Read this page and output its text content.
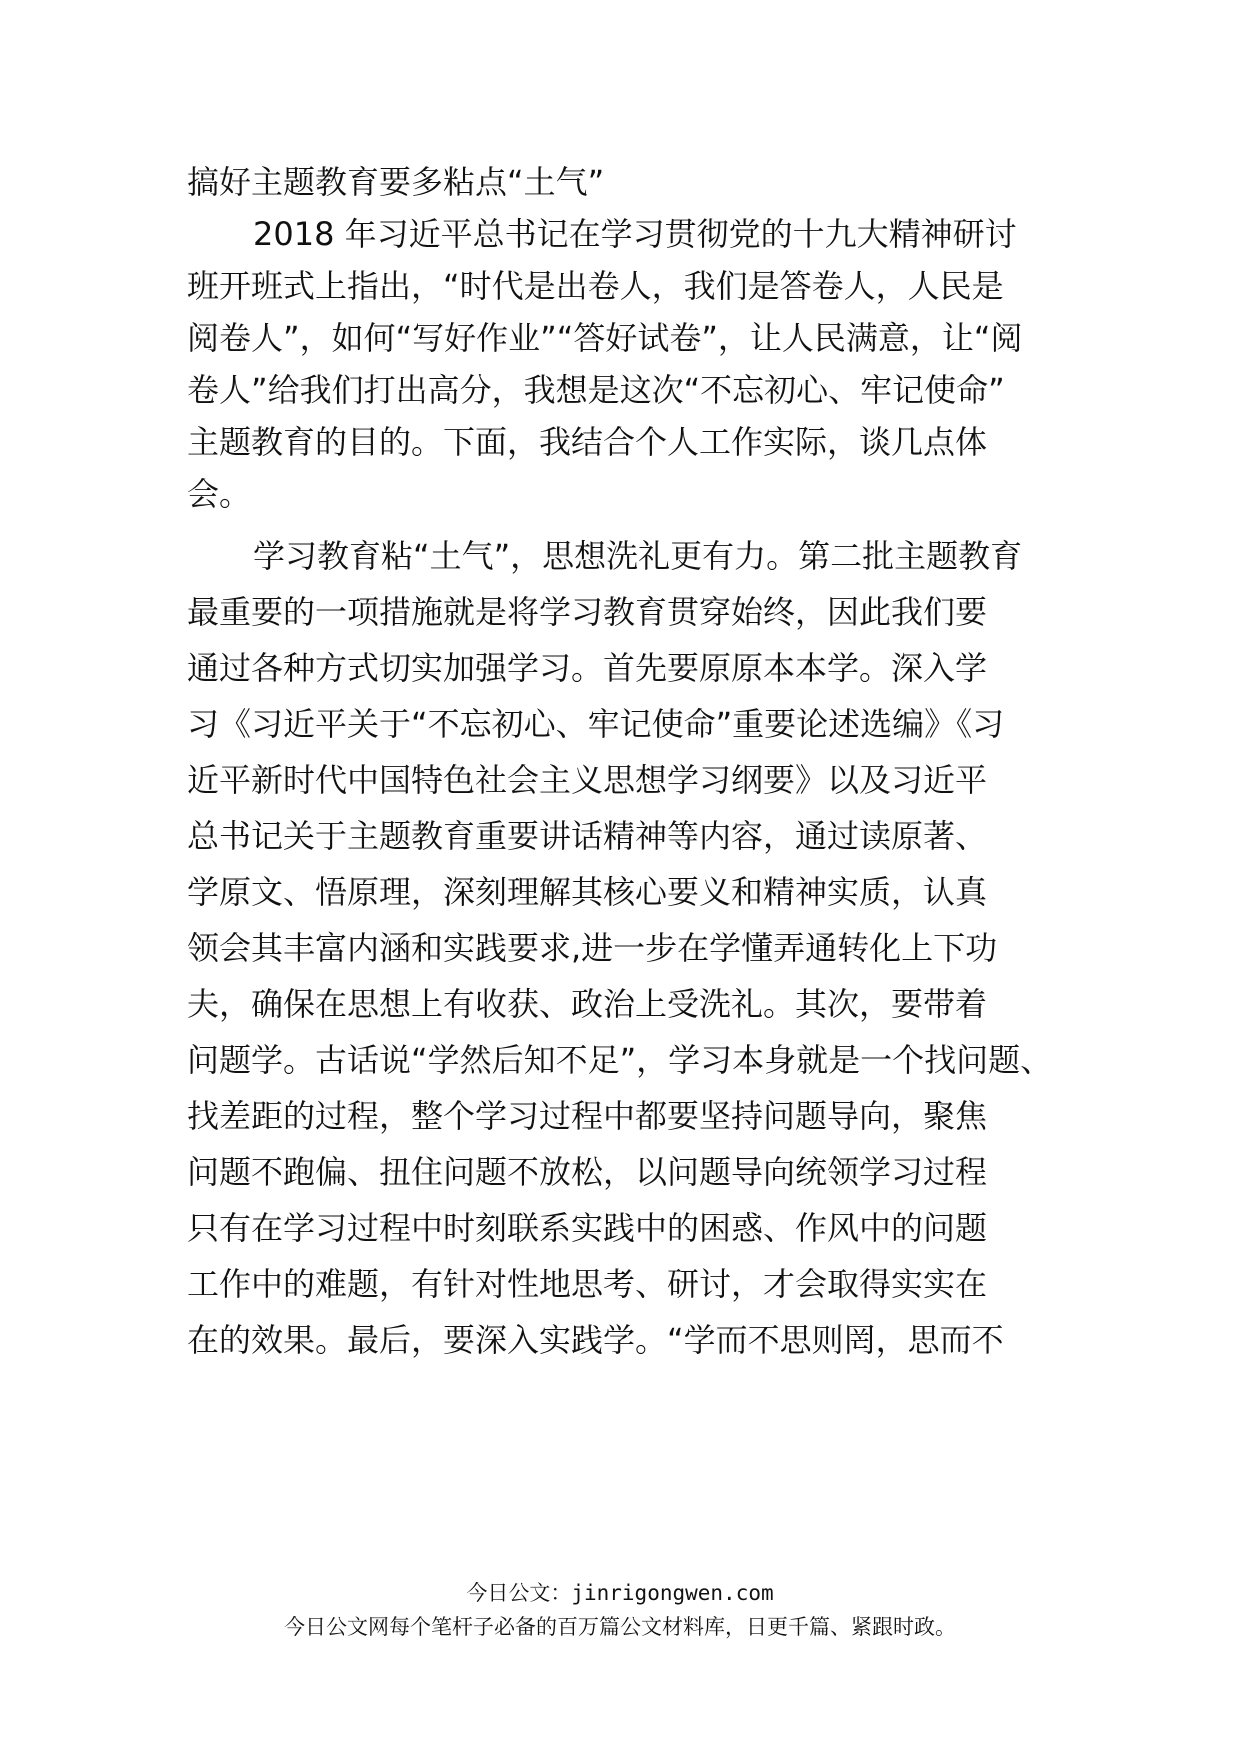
搞好主题教育要多粘点“土气”
2018 年习近平总书记在学习贯彻党的十九大精神研讨
班开班式上指出，“时代是出卷人，我们是答卷人，人民是
阅卷人”，如何“写好作业”“答好试卷”，让人民满意，让“阅
卷人”给我们打出高分，我想是这次“不忘初心、牢记使命”
主题教育的目的。下面，我结合个人工作实际，谈几点体
会。
学习教育粘“土气”，思想洗礼更有力。第二批主题教育
最重要的一项措施就是将学习教育贯穿始终，因此我们要
通过各种方式切实加强学习。首先要原原本本学。深入学
习《习近平关于“不忘初心、牢记使命”重要论述选编》《习
近平新时代中国特色社会主义思想学习纲要》以及习近平
总书记关于主题教育重要讲话精神等内容，通过读原著、
学原文、悟原理，深刻理解其核心要义和精神实质，认真
领会其丰富内涵和实践要求,进一步在学懂弄通转化上下功
夫，确保在思想上有收获、政治上受洗礼。其次，要带着
问题学。古话说“学然后知不足”，学习本身就是一个找问题、
找差距的过程，整个学习过程中都要坚持问题导向，聚焦
问题不跑偏、扭住问题不放松，以问题导向统领学习过程
只有在学习过程中时刻联系实践中的困惑、作风中的问题
工作中的难题，有针对性地思考、研讨，才会取得实实在
在的效果。最后，要深入实践学。“学而不思则罔，思而不
今日公文：jinrigongwen.com
今日公文网每个笔杆子必备的百万篇公文材料库，日更千篇、紧跟时政。
